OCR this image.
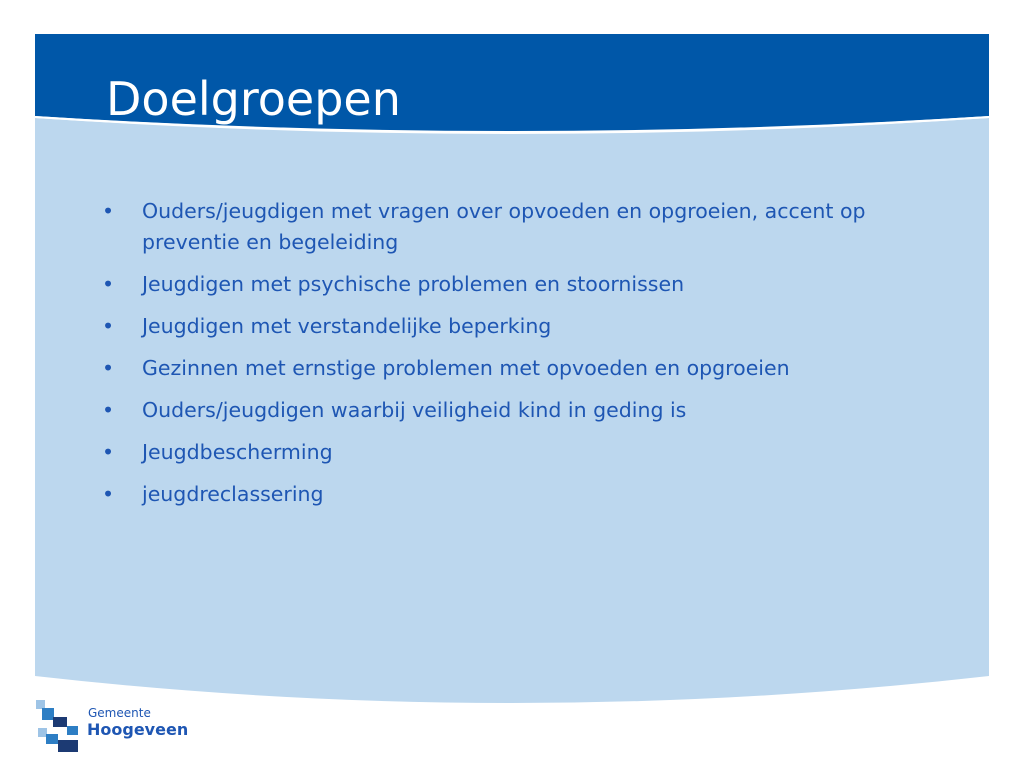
Doelgroepen
• Ouders/jeugdigen met vragen over opvoeden en opgroeien, accent op preventie en begeleiding
• Jeugdigen met psychische problemen en stoornissen
• Jeugdigen met verstandelijke beperking
• Gezinnen met ernstige problemen met opvoeden en opgroeien
• Ouders/jeugdigen waarbij veiligheid kind in geding is
• Jeugdbescherming
• jeugdreclassering
Gemeente
Hoogeveen
